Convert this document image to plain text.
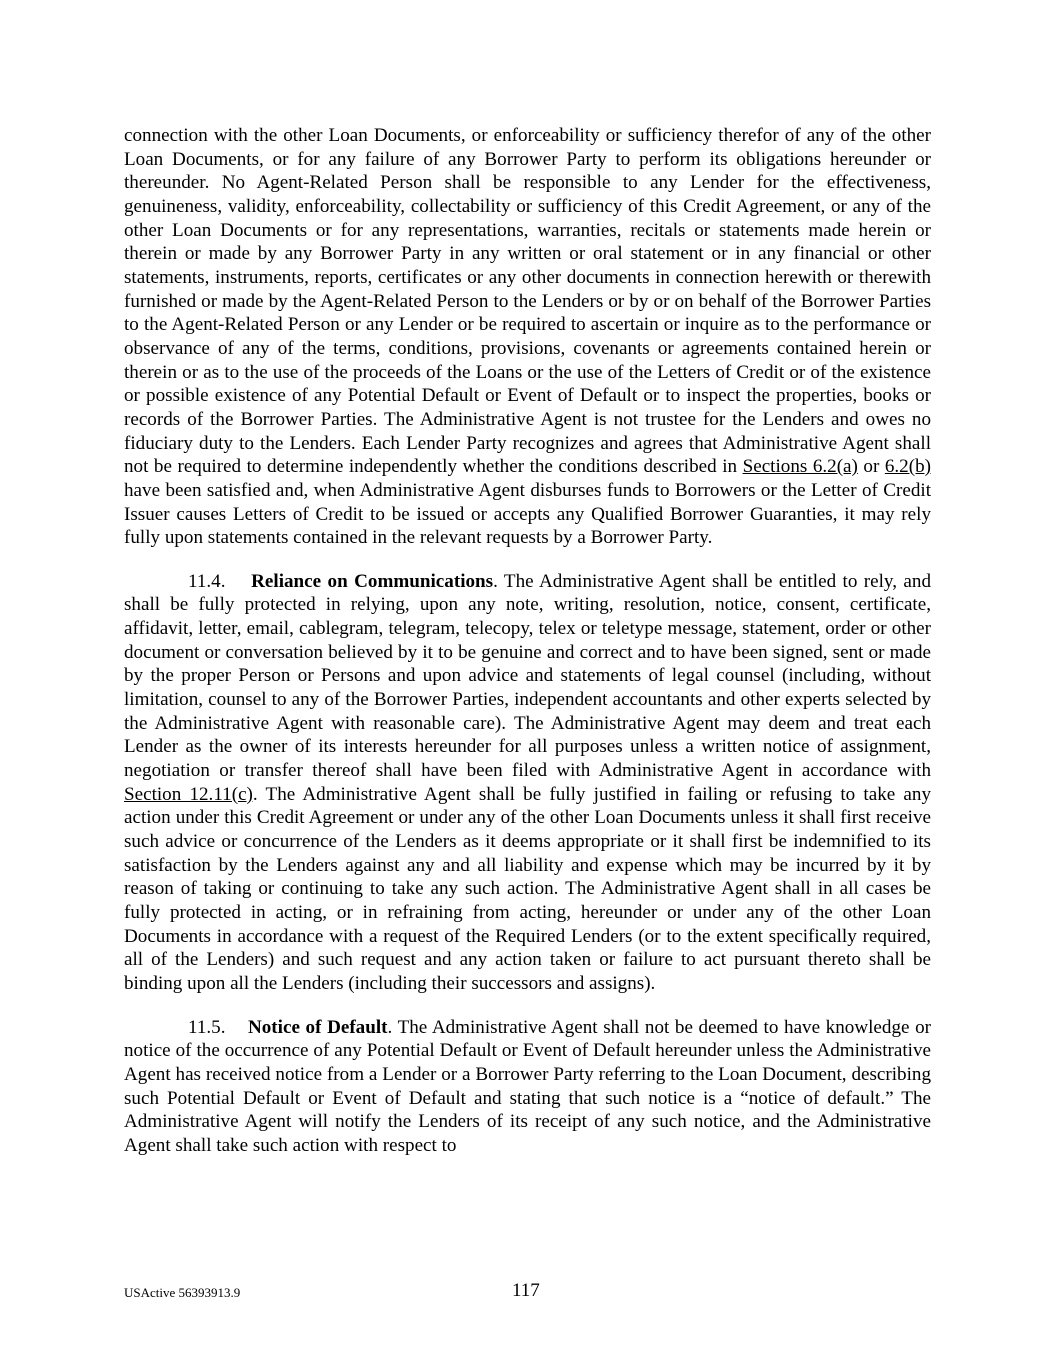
connection with the other Loan Documents, or enforceability or sufficiency therefor of any of the other Loan Documents, or for any failure of any Borrower Party to perform its obligations hereunder or thereunder. No Agent-Related Person shall be responsible to any Lender for the effectiveness, genuineness, validity, enforceability, collectability or sufficiency of this Credit Agreement, or any of the other Loan Documents or for any representations, warranties, recitals or statements made herein or therein or made by any Borrower Party in any written or oral statement or in any financial or other statements, instruments, reports, certificates or any other documents in connection herewith or therewith furnished or made by the Agent-Related Person to the Lenders or by or on behalf of the Borrower Parties to the Agent-Related Person or any Lender or be required to ascertain or inquire as to the performance or observance of any of the terms, conditions, provisions, covenants or agreements contained herein or therein or as to the use of the proceeds of the Loans or the use of the Letters of Credit or of the existence or possible existence of any Potential Default or Event of Default or to inspect the properties, books or records of the Borrower Parties. The Administrative Agent is not trustee for the Lenders and owes no fiduciary duty to the Lenders. Each Lender Party recognizes and agrees that Administrative Agent shall not be required to determine independently whether the conditions described in Sections 6.2(a) or 6.2(b) have been satisfied and, when Administrative Agent disburses funds to Borrowers or the Letter of Credit Issuer causes Letters of Credit to be issued or accepts any Qualified Borrower Guaranties, it may rely fully upon statements contained in the relevant requests by a Borrower Party.

11.4. Reliance on Communications. The Administrative Agent shall be entitled to rely, and shall be fully protected in relying, upon any note, writing, resolution, notice, consent, certificate, affidavit, letter, email, cablegram, telegram, telecopy, telex or teletype message, statement, order or other document or conversation believed by it to be genuine and correct and to have been signed, sent or made by the proper Person or Persons and upon advice and statements of legal counsel (including, without limitation, counsel to any of the Borrower Parties, independent accountants and other experts selected by the Administrative Agent with reasonable care). The Administrative Agent may deem and treat each Lender as the owner of its interests hereunder for all purposes unless a written notice of assignment, negotiation or transfer thereof shall have been filed with Administrative Agent in accordance with Section 12.11(c). The Administrative Agent shall be fully justified in failing or refusing to take any action under this Credit Agreement or under any of the other Loan Documents unless it shall first receive such advice or concurrence of the Lenders as it deems appropriate or it shall first be indemnified to its satisfaction by the Lenders against any and all liability and expense which may be incurred by it by reason of taking or continuing to take any such action. The Administrative Agent shall in all cases be fully protected in acting, or in refraining from acting, hereunder or under any of the other Loan Documents in accordance with a request of the Required Lenders (or to the extent specifically required, all of the Lenders) and such request and any action taken or failure to act pursuant thereto shall be binding upon all the Lenders (including their successors and assigns).

11.5. Notice of Default. The Administrative Agent shall not be deemed to have knowledge or notice of the occurrence of any Potential Default or Event of Default hereunder unless the Administrative Agent has received notice from a Lender or a Borrower Party referring to the Loan Document, describing such Potential Default or Event of Default and stating that such notice is a “notice of default.” The Administrative Agent will notify the Lenders of its receipt of any such notice, and the Administrative Agent shall take such action with respect to

USActive 56393913.9	117
